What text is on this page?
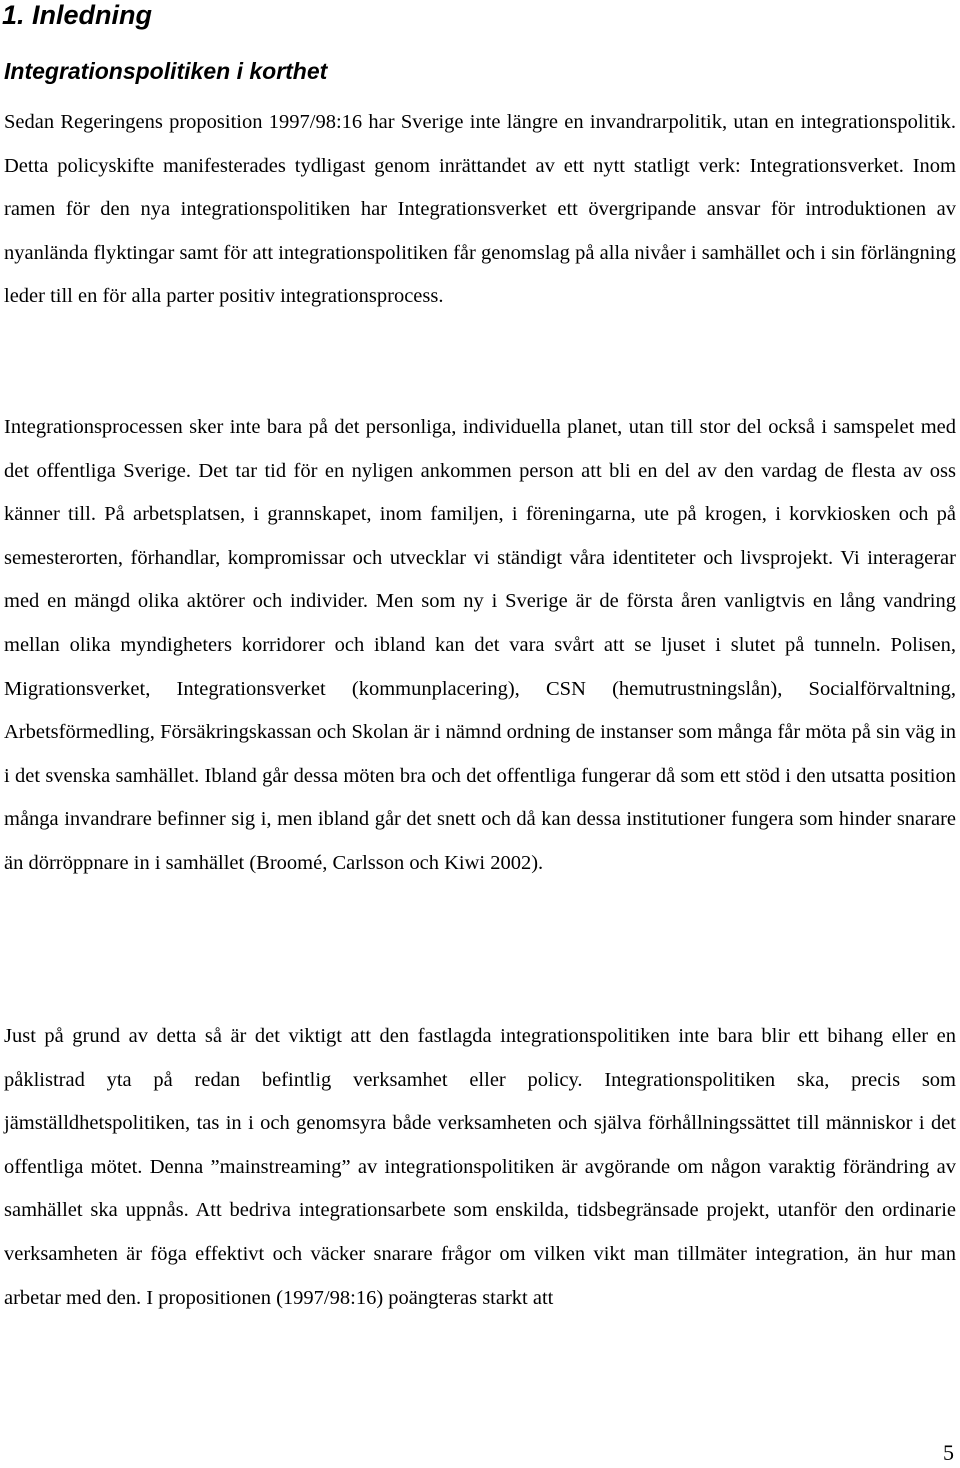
1. Inledning
Integrationspolitiken i korthet

Sedan Regeringens proposition 1997/98:16 har Sverige inte längre en invandrarpolitik, utan en integrationspolitik. Detta policyskifte manifesterades tydligast genom inrättandet av ett nytt statligt verk: Integrationsverket. Inom ramen för den nya integrationspolitiken har Integrationsverket ett övergripande ansvar för introduktionen av nyanlända flyktingar samt för att integrationspolitiken får genomslag på alla nivåer i samhället och i sin förlängning leder till en för alla parter positiv integrationsprocess.

Integrationsprocessen sker inte bara på det personliga, individuella planet, utan till stor del också i samspelet med det offentliga Sverige. Det tar tid för en nyligen ankommen person att bli en del av den vardag de flesta av oss känner till. På arbetsplatsen, i grannskapet, inom familjen, i föreningarna, ute på krogen, i korvkiosken och på semesterorten, förhandlar, kompromissar och utvecklar vi ständigt våra identiteter och livsprojekt. Vi interagerar med en mängd olika aktörer och individer. Men som ny i Sverige är de första åren vanligtvis en lång vandring mellan olika myndigheters korridorer och ibland kan det vara svårt att se ljuset i slutet på tunneln. Polisen, Migrationsverket, Integrationsverket (kommunplacering), CSN (hemutrustningslån), Socialförvaltning, Arbetsförmedling, Försäkringskassan och Skolan är i nämnd ordning de instanser som många får möta på sin väg in i det svenska samhället. Ibland går dessa möten bra och det offentliga fungerar då som ett stöd i den utsatta position många invandrare befinner sig i, men ibland går det snett och då kan dessa institutioner fungera som hinder snarare än dörröppnare in i samhället (Broomé, Carlsson och Kiwi 2002).

Just på grund av detta så är det viktigt att den fastlagda integrationspolitiken inte bara blir ett bihang eller en påklistrad yta på redan befintlig verksamhet eller policy. Integrationspolitiken ska, precis som jämställdhetspolitiken, tas in i och genomsyra både verksamheten och själva förhållningssättet till människor i det offentliga mötet. Denna ”mainstreaming” av integrationspolitiken är avgörande om någon varaktig förändring av samhället ska uppnås. Att bedriva integrationsarbete som enskilda, tidsbegränsade projekt, utanför den ordinarie verksamheten är föga effektivt och väcker snarare frågor om vilken vikt man tillmäter integration, än hur man arbetar med den. I propositionen (1997/98:16) poängteras starkt att

5
